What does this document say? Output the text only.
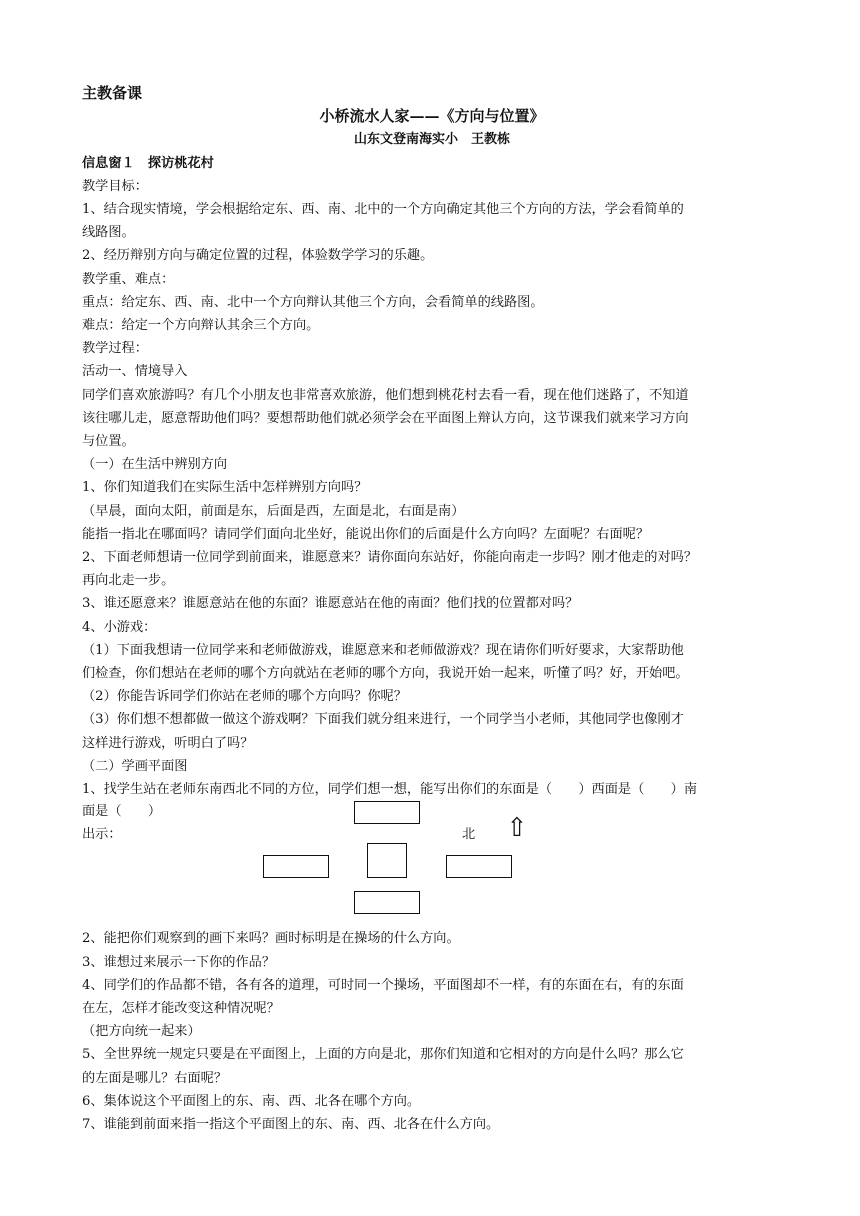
主教备课
小桥流水人家——《方向与位置》
山东文登南海实小　王教栋
信息窗１　探访桃花村
教学目标：
1、结合现实情境，学会根据给定东、西、南、北中的一个方向确定其他三个方向的方法，学会看简单的
线路图。
2、经历辩别方向与确定位置的过程，体验数学学习的乐趣。
教学重、难点：
重点：给定东、西、南、北中一个方向辩认其他三个方向，会看简单的线路图。
难点：给定一个方向辩认其余三个方向。
教学过程：
活动一、情境导入
同学们喜欢旅游吗？有几个小朋友也非常喜欢旅游，他们想到桃花村去看一看，现在他们迷路了，不知道
该往哪儿走，愿意帮助他们吗？要想帮助他们就必须学会在平面图上辩认方向，这节课我们就来学习方向
与位置。
（一）在生活中辨别方向
1、你们知道我们在实际生活中怎样辨别方向吗？
（早晨，面向太阳，前面是东，后面是西，左面是北，右面是南）
能指一指北在哪面吗？请同学们面向北坐好，能说出你们的后面是什么方向吗？左面呢？右面呢？
2、下面老师想请一位同学到前面来，谁愿意来？请你面向东站好，你能向南走一步吗？刚才他走的对吗？
再向北走一步。
3、谁还愿意来？谁愿意站在他的东面？谁愿意站在他的南面？他们找的位置都对吗？
4、小游戏：
（1）下面我想请一位同学来和老师做游戏，谁愿意来和老师做游戏？现在请你们听好要求，大家帮助他
们检查，你们想站在老师的哪个方向就站在老师的哪个方向，我说开始一起来，听懂了吗？好，开始吧。
（2）你能告诉同学们你站在老师的哪个方向吗？你呢？
（3）你们想不想都做一做这个游戏啊？下面我们就分组来进行，一个同学当小老师，其他同学也像刚才
这样进行游戏，听明白了吗？
（二）学画平面图
1、找学生站在老师东南西北不同的方位，同学们想一想，能写出你们的东面是（　　）西面是（　　）南
面是（　　）
出示：	北 ⇧
2、能把你们观察到的画下来吗？画时标明是在操场的什么方向。
3、谁想过来展示一下你的作品？
4、同学们的作品都不错，各有各的道理，可时同一个操场，平面图却不一样，有的东面在右，有的东面
在左，怎样才能改变这种情况呢？
（把方向统一起来）
5、全世界统一规定只要是在平面图上，上面的方向是北，那你们知道和它相对的方向是什么吗？那么它
的左面是哪儿？右面呢？
6、集体说这个平面图上的东、南、西、北各在哪个方向。
7、谁能到前面来指一指这个平面图上的东、南、西、北各在什么方向。
